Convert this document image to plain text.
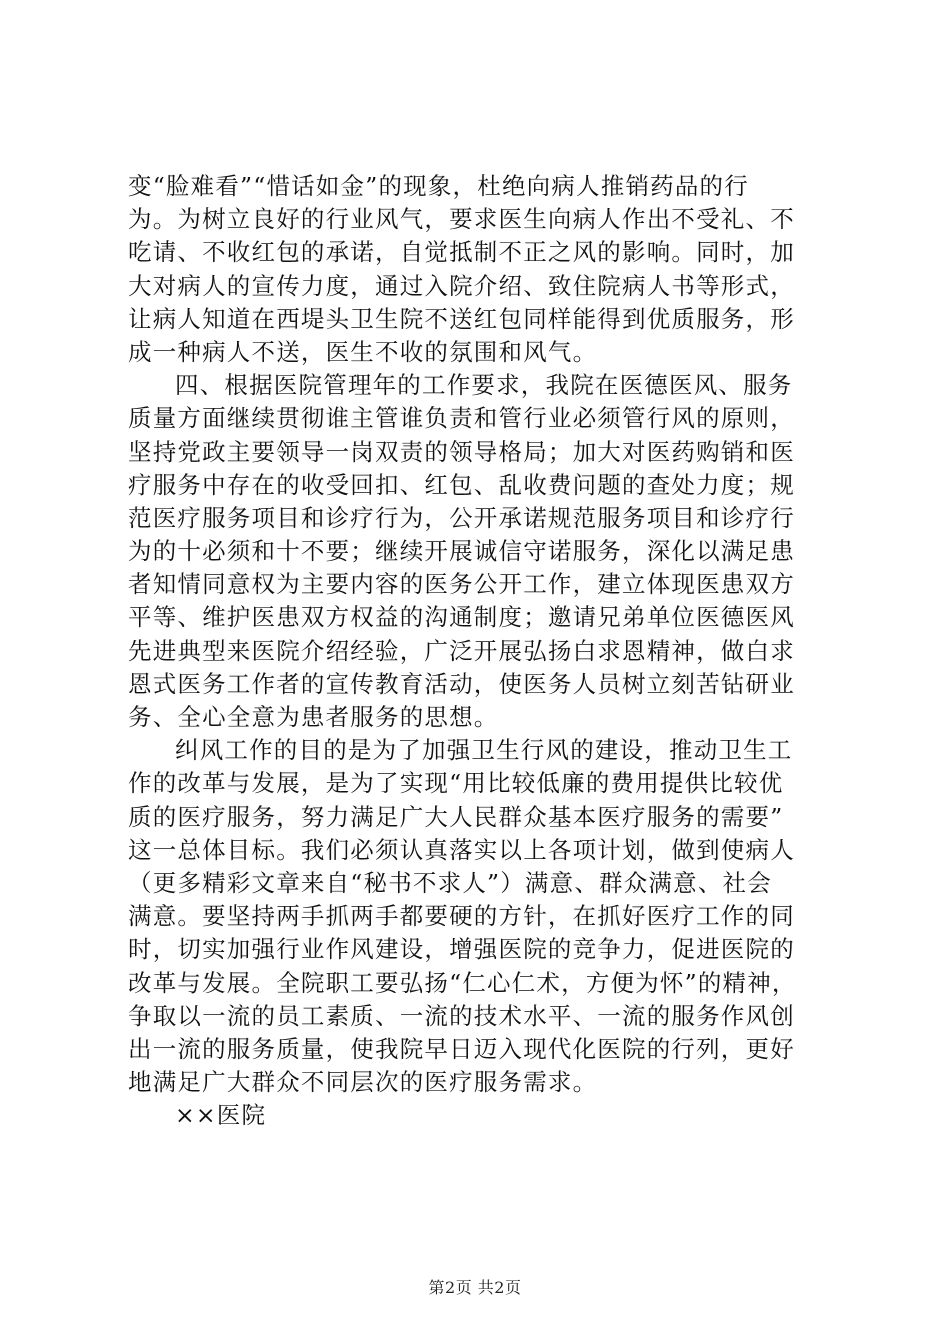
变“脸难看”“惜话如金”的现象，杜绝向病人推销药品的行
为。为树立良好的行业风气，要求医生向病人作出不受礼、不
吃请、不收红包的承诺，自觉抵制不正之风的影响。同时，加
大对病人的宣传力度，通过入院介绍、致住院病人书等形式，
让病人知道在西堤头卫生院不送红包同样能得到优质服务，形
成一种病人不送，医生不收的氛围和风气。
四、根据医院管理年的工作要求，我院在医德医风、服务
质量方面继续贯彻谁主管谁负责和管行业必须管行风的原则，
坚持党政主要领导一岗双责的领导格局；加大对医药购销和医
疗服务中存在的收受回扣、红包、乱收费问题的查处力度；规
范医疗服务项目和诊疗行为，公开承诺规范服务项目和诊疗行
为的十必须和十不要；继续开展诚信守诺服务，深化以满足患
者知情同意权为主要内容的医务公开工作，建立体现医患双方
平等、维护医患双方权益的沟通制度；邀请兄弟单位医德医风
先进典型来医院介绍经验，广泛开展弘扬白求恩精神，做白求
恩式医务工作者的宣传教育活动，使医务人员树立刻苦钻研业
务、全心全意为患者服务的思想。
纠风工作的目的是为了加强卫生行风的建设，推动卫生工
作的改革与发展，是为了实现“用比较低廉的费用提供比较优
质的医疗服务，努力满足广大人民群众基本医疗服务的需要”
这一总体目标。我们必须认真落实以上各项计划，做到使病人
（更多精彩文章来自“秘书不求人”）满意、群众满意、社会
满意。要坚持两手抓两手都要硬的方针，在抓好医疗工作的同
时，切实加强行业作风建设，增强医院的竞争力，促进医院的
改革与发展。全院职工要弘扬“仁心仁术，方便为怀”的精神，
争取以一流的员工素质、一流的技术水平、一流的服务作风创
出一流的服务质量，使我院早日迈入现代化医院的行列，更好
地满足广大群众不同层次的医疗服务需求。
××医院
第2页 共2页
